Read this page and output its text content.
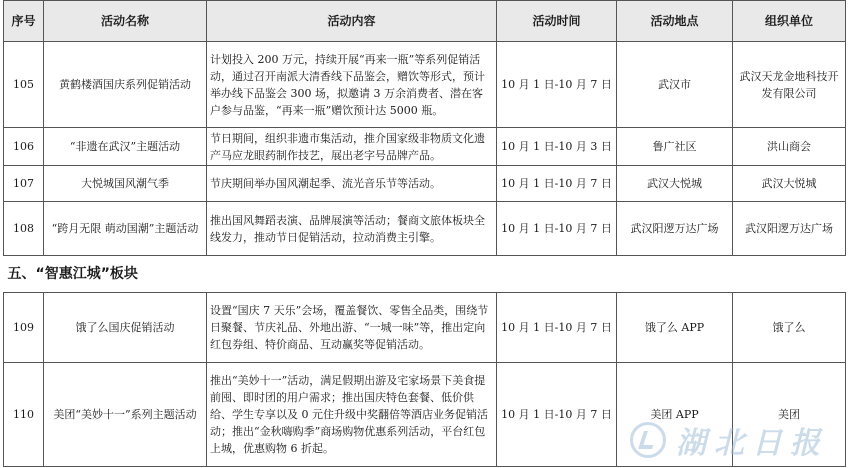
序号	活动名称	活动内容	活动时间	活动地点	组织单位
105	黄鹤楼酒国庆系列促销活动	计划投入 200 万元，持续开展“再来一瓶”等系列促销活动，通过召开南派大清香线下品鉴会，赠饮等形式，预计举办线下品鉴会 300 场，拟邀请 3 万余消费者、潜在客户参与品鉴，“再来一瓶”赠饮预计达 5000 瓶。	10 月 1 日-10 月 7 日	武汉市	武汉天龙金地科技开发有限公司
106	“非遗在武汉”主题活动	节日期间，组织非遗市集活动，推介国家级非物质文化遗产马应龙眼药制作技艺，展出老字号品牌产品。	10 月 1 日-10 月 3 日	鲁广社区	洪山商会
107	大悦城国风潮气季	节庆期间举办国风潮起季、流光音乐节等活动。	10 月 1 日-10 月 7 日	武汉大悦城	武汉大悦城
108	“跨月无限 萌动国潮”主题活动	推出国风舞蹈表演、品牌展演等活动；餐商文旅体板块全线发力，推动节日促销活动，拉动消费主引擎。	10 月 1 日-10 月 7 日	武汉阳逻万达广场	武汉阳逻万达广场
五、“智惠江城”板块					
109	饿了么国庆促销活动	设置“国庆 7 天乐”会场，覆盖餐饮、零售全品类，围绕节日聚餐、节庆礼品、外地出游、“一城一味”等，推出定向红包券组、特价商品、互动赢奖等促销活动。	10 月 1 日-10 月 7 日	饿了么 APP	饿了么
110	美团“美妙十一”系列主题活动	推出“美妙十一”活动，满足假期出游及宅家场景下美食提前囤、即时团的用户需求；推出国庆特色套餐、低价供给、学生专享以及 0 元住升级中奖翻倍等酒店业务促销活动；推出“金秋嗨购季”商场购物优惠系列活动，平台红包上城，优惠购物 6 折起。	10 月 1 日-10 月 7 日	美团 APP	美团
湖北日报
